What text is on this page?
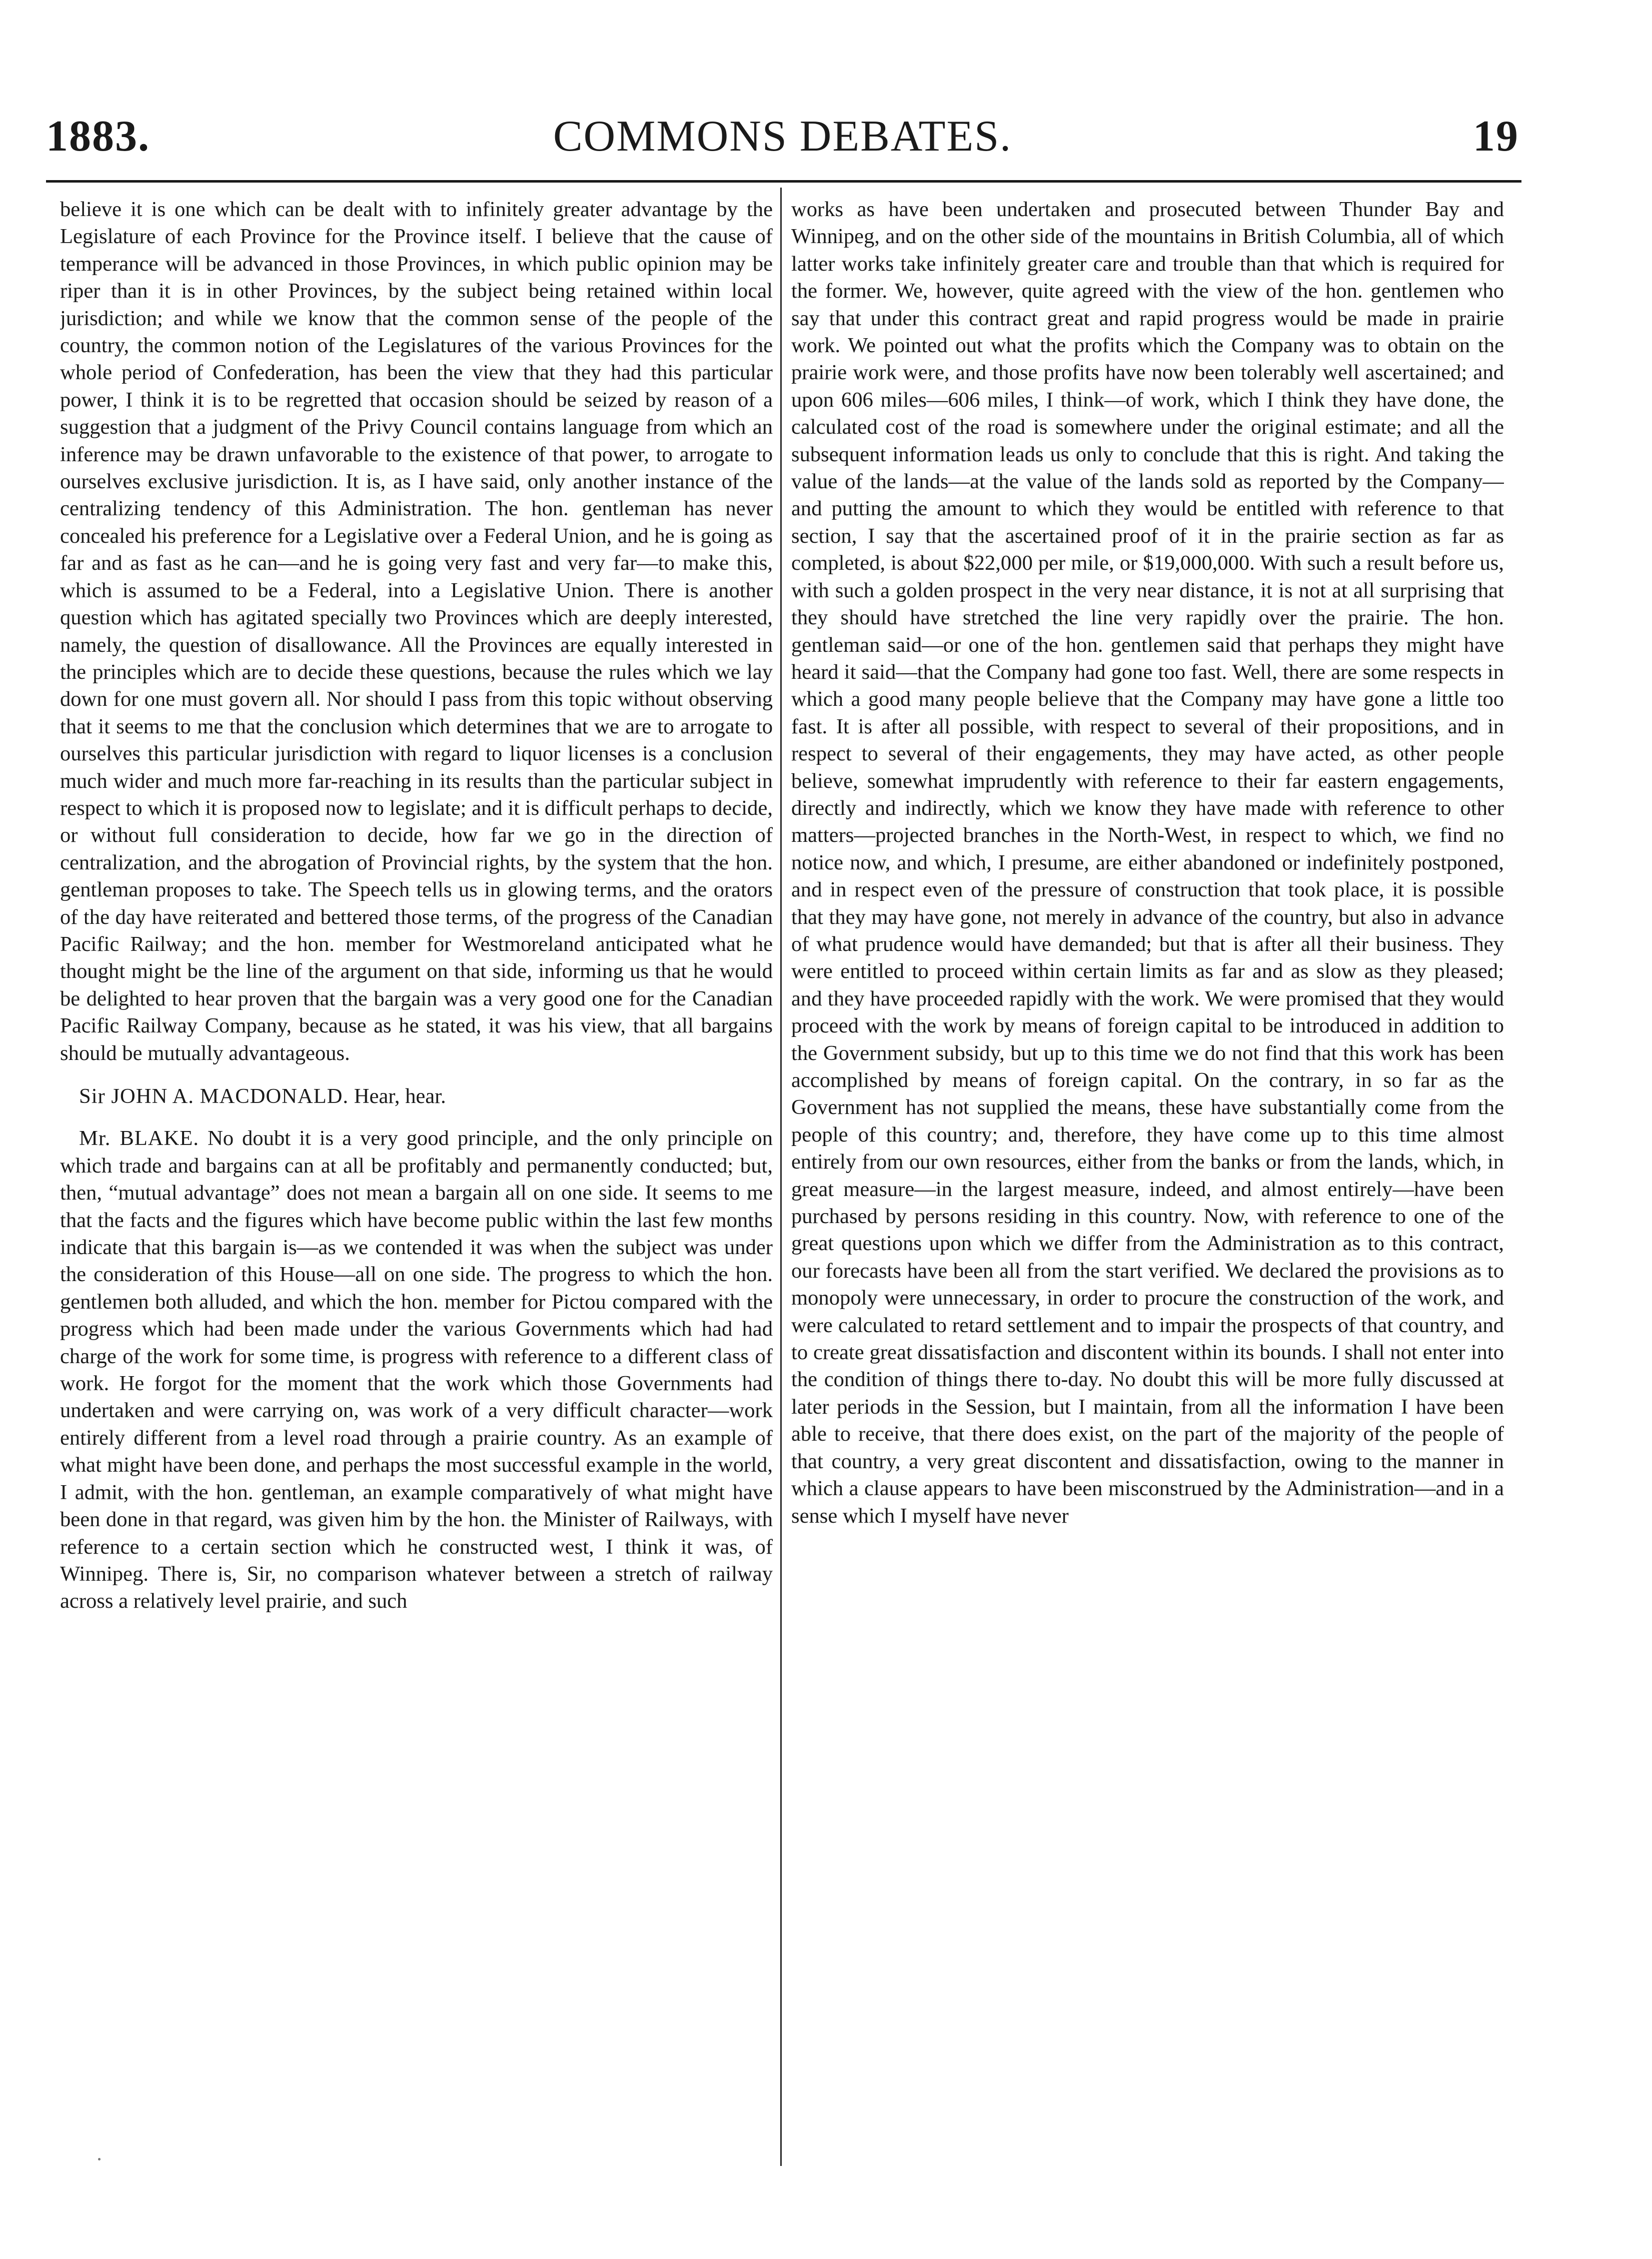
1883.	COMMONS DEBATES.	19

believe it is one which can be dealt with to infinitely greater advantage by the Legislature of each Province for the Province itself. I believe that the cause of temperance will be advanced in those Provinces, in which public opinion may be riper than it is in other Provinces, by the subject being retained within local jurisdiction; and while we know that the common sense of the people of the country, the common notion of the Legislatures of the various Provinces for the whole period of Confederation, has been the view that they had this particular power, I think it is to be regretted that occasion should be seized by reason of a suggestion that a judgment of the Privy Council contains language from which an inference may be drawn unfavorable to the existence of that power, to arrogate to ourselves exclusive jurisdiction. It is, as I have said, only another instance of the centralizing tendency of this Administration. The hon. gentleman has never concealed his preference for a Legislative over a Federal Union, and he is going as far and as fast as he can—and he is going very fast and very far—to make this, which is assumed to be a Federal, into a Legislative Union. There is another question which has agitated specially two Provinces which are deeply interested, namely, the question of disallowance. All the Provinces are equally interested in the principles which are to decide these questions, because the rules which we lay down for one must govern all. Nor should I pass from this topic without observing that it seems to me that the conclusion which determines that we are to arrogate to ourselves this particular jurisdiction with regard to liquor licenses is a conclusion much wider and much more far-reaching in its results than the particular subject in respect to which it is proposed now to legislate; and it is difficult perhaps to decide, or without full consideration to decide, how far we go in the direction of centralization, and the abrogation of Provincial rights, by the system that the hon. gentleman proposes to take. The Speech tells us in glowing terms, and the orators of the day have reiterated and bettered those terms, of the progress of the Canadian Pacific Railway; and the hon. member for Westmoreland anticipated what he thought might be the line of the argument on that side, informing us that he would be delighted to hear proven that the bargain was a very good one for the Canadian Pacific Railway Company, because as he stated, it was his view, that all bargains should be mutually advantageous.

Sir JOHN A. MACDONALD. Hear, hear.

Mr. BLAKE. No doubt it is a very good principle, and the only principle on which trade and bargains can at all be profitably and permanently conducted; but, then, “mutual advantage” does not mean a bargain all on one side. It seems to me that the facts and the figures which have become public within the last few months indicate that this bargain is—as we contended it was when the subject was under the consideration of this House—all on one side. The progress to which the hon. gentlemen both alluded, and which the hon. member for Pictou compared with the progress which had been made under the various Governments which had had charge of the work for some time, is progress with reference to a different class of work. He forgot for the moment that the work which those Governments had undertaken and were carrying on, was work of a very difficult character—work entirely different from a level road through a prairie country. As an example of what might have been done, and perhaps the most successful example in the world, I admit, with the hon. gentleman, an example comparatively of what might have been done in that regard, was given him by the hon. the Minister of Railways, with reference to a certain section which he constructed west, I think it was, of Winnipeg. There is, Sir, no comparison whatever between a stretch of railway across a relatively level prairie, and such

works as have been undertaken and prosecuted between Thunder Bay and Winnipeg, and on the other side of the mountains in British Columbia, all of which latter works take infinitely greater care and trouble than that which is required for the former. We, however, quite agreed with the view of the hon. gentlemen who say that under this contract great and rapid progress would be made in prairie work. We pointed out what the profits which the Company was to obtain on the prairie work were, and those profits have now been tolerably well ascertained; and upon 606 miles—606 miles, I think—of work, which I think they have done, the calculated cost of the road is somewhere under the original estimate; and all the subsequent information leads us only to conclude that this is right. And taking the value of the lands—at the value of the lands sold as reported by the Company—and putting the amount to which they would be entitled with reference to that section, I say that the ascertained proof of it in the prairie section as far as completed, is about $22,000 per mile, or $19,000,000. With such a result before us, with such a golden prospect in the very near distance, it is not at all surprising that they should have stretched the line very rapidly over the prairie. The hon. gentleman said—or one of the hon. gentlemen said that perhaps they might have heard it said—that the Company had gone too fast. Well, there are some respects in which a good many people believe that the Company may have gone a little too fast. It is after all possible, with respect to several of their propositions, and in respect to several of their engagements, they may have acted, as other people believe, somewhat imprudently with reference to their far eastern engagements, directly and indirectly, which we know they have made with reference to other matters—projected branches in the North-West, in respect to which, we find no notice now, and which, I presume, are either abandoned or indefinitely postponed, and in respect even of the pressure of construction that took place, it is possible that they may have gone, not merely in advance of the country, but also in advance of what prudence would have demanded; but that is after all their business. They were entitled to proceed within certain limits as far and as slow as they pleased; and they have proceeded rapidly with the work. We were promised that they would proceed with the work by means of foreign capital to be introduced in addition to the Government subsidy, but up to this time we do not find that this work has been accomplished by means of foreign capital. On the contrary, in so far as the Government has not supplied the means, these have substantially come from the people of this country; and, therefore, they have come up to this time almost entirely from our own resources, either from the banks or from the lands, which, in great measure—in the largest measure, indeed, and almost entirely—have been purchased by persons residing in this country. Now, with reference to one of the great questions upon which we differ from the Administration as to this contract, our forecasts have been all from the start verified. We declared the provisions as to monopoly were unnecessary, in order to procure the construction of the work, and were calculated to retard settlement and to impair the prospects of that country, and to create great dissatisfaction and discontent within its bounds. I shall not enter into the condition of things there to-day. No doubt this will be more fully discussed at later periods in the Session, but I maintain, from all the information I have been able to receive, that there does exist, on the part of the majority of the people of that country, a very great discontent and dissatisfaction, owing to the manner in which a clause appears to have been misconstrued by the Administration—and in a sense which I myself have never
